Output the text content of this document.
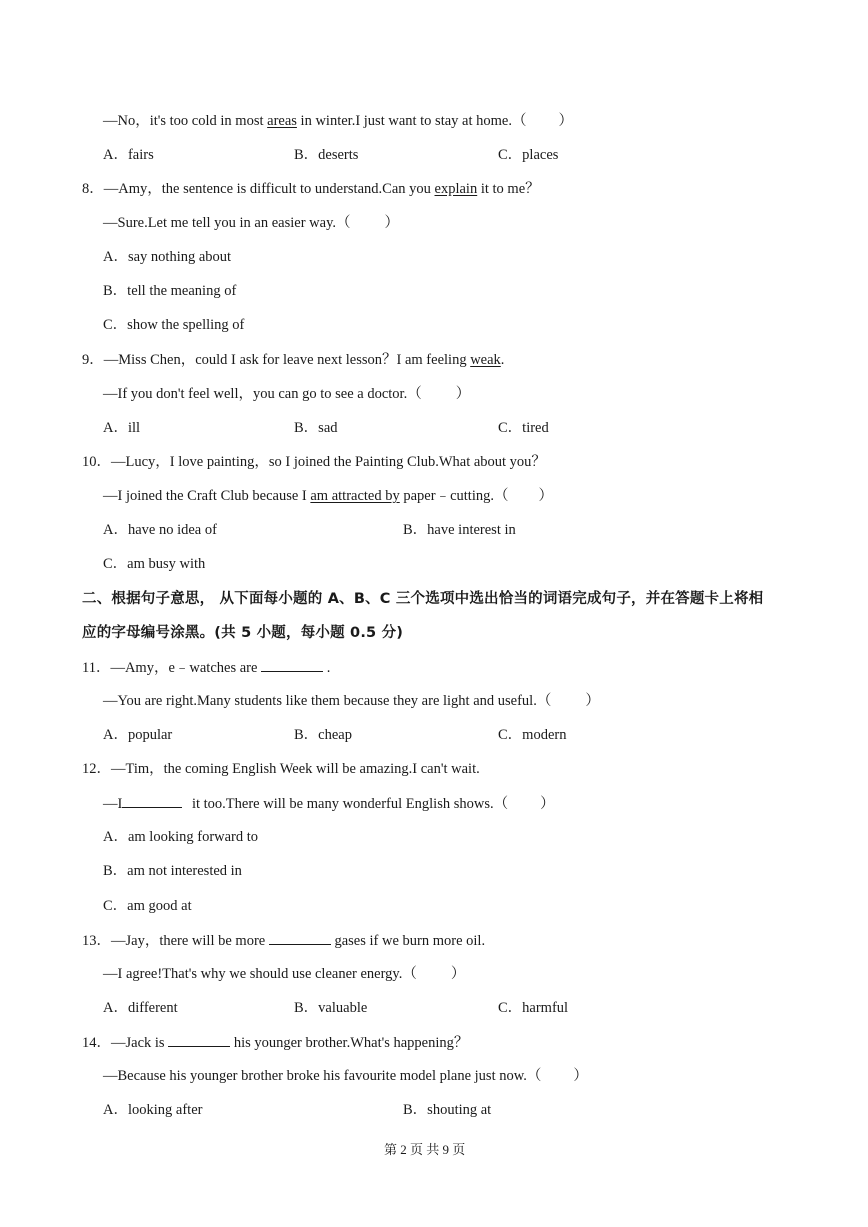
—No，it's too cold in most areas in winter.I just want to stay at home.（ ）
A．fairs	B．deserts	C．places
8．—Amy，the sentence is difficult to understand.Can you explain it to me？
—Sure.Let me tell you in an easier way.（ ）
A．say nothing about
B．tell the meaning of
C．show the spelling of
9．—Miss Chen，could I ask for leave next lesson？I am feeling weak.
—If you don't feel well，you can go to see a doctor.（ ）
A．ill	B．sad	C．tired
10．—Lucy，I love painting，so I joined the Painting Club.What about you？
—I joined the Craft Club because I am attracted by paper﹣cutting.（ ）
A．have no idea of	B．have interest in
C．am busy with
二、根据句子意思， 从下面每小题的 A、B、C 三个选项中选出恰当的词语完成句子，并在答题卡上将相
应的字母编号涂黑。(共 5 小题，每小题 0.5 分)
11．—Amy，e﹣watches are	.
—You are right.Many students like them because they are light and useful.（ ）
A．popular	B．cheap	C．modern
12．—Tim，the coming English Week will be amazing.I can't wait.
—I	it too.There will be many wonderful English shows.（ ）
A．am looking forward to
B．am not interested in
C．am good at
13．—Jay，there will be more	gases if we burn more oil.
—I agree!That's why we should use cleaner energy.（ ）
A．different	B．valuable	C．harmful
14．—Jack is	his younger brother.What's happening？
—Because his younger brother broke his favourite model plane just now.（ ）
A．looking after	B．shouting at
第 2 页 共 9 页
